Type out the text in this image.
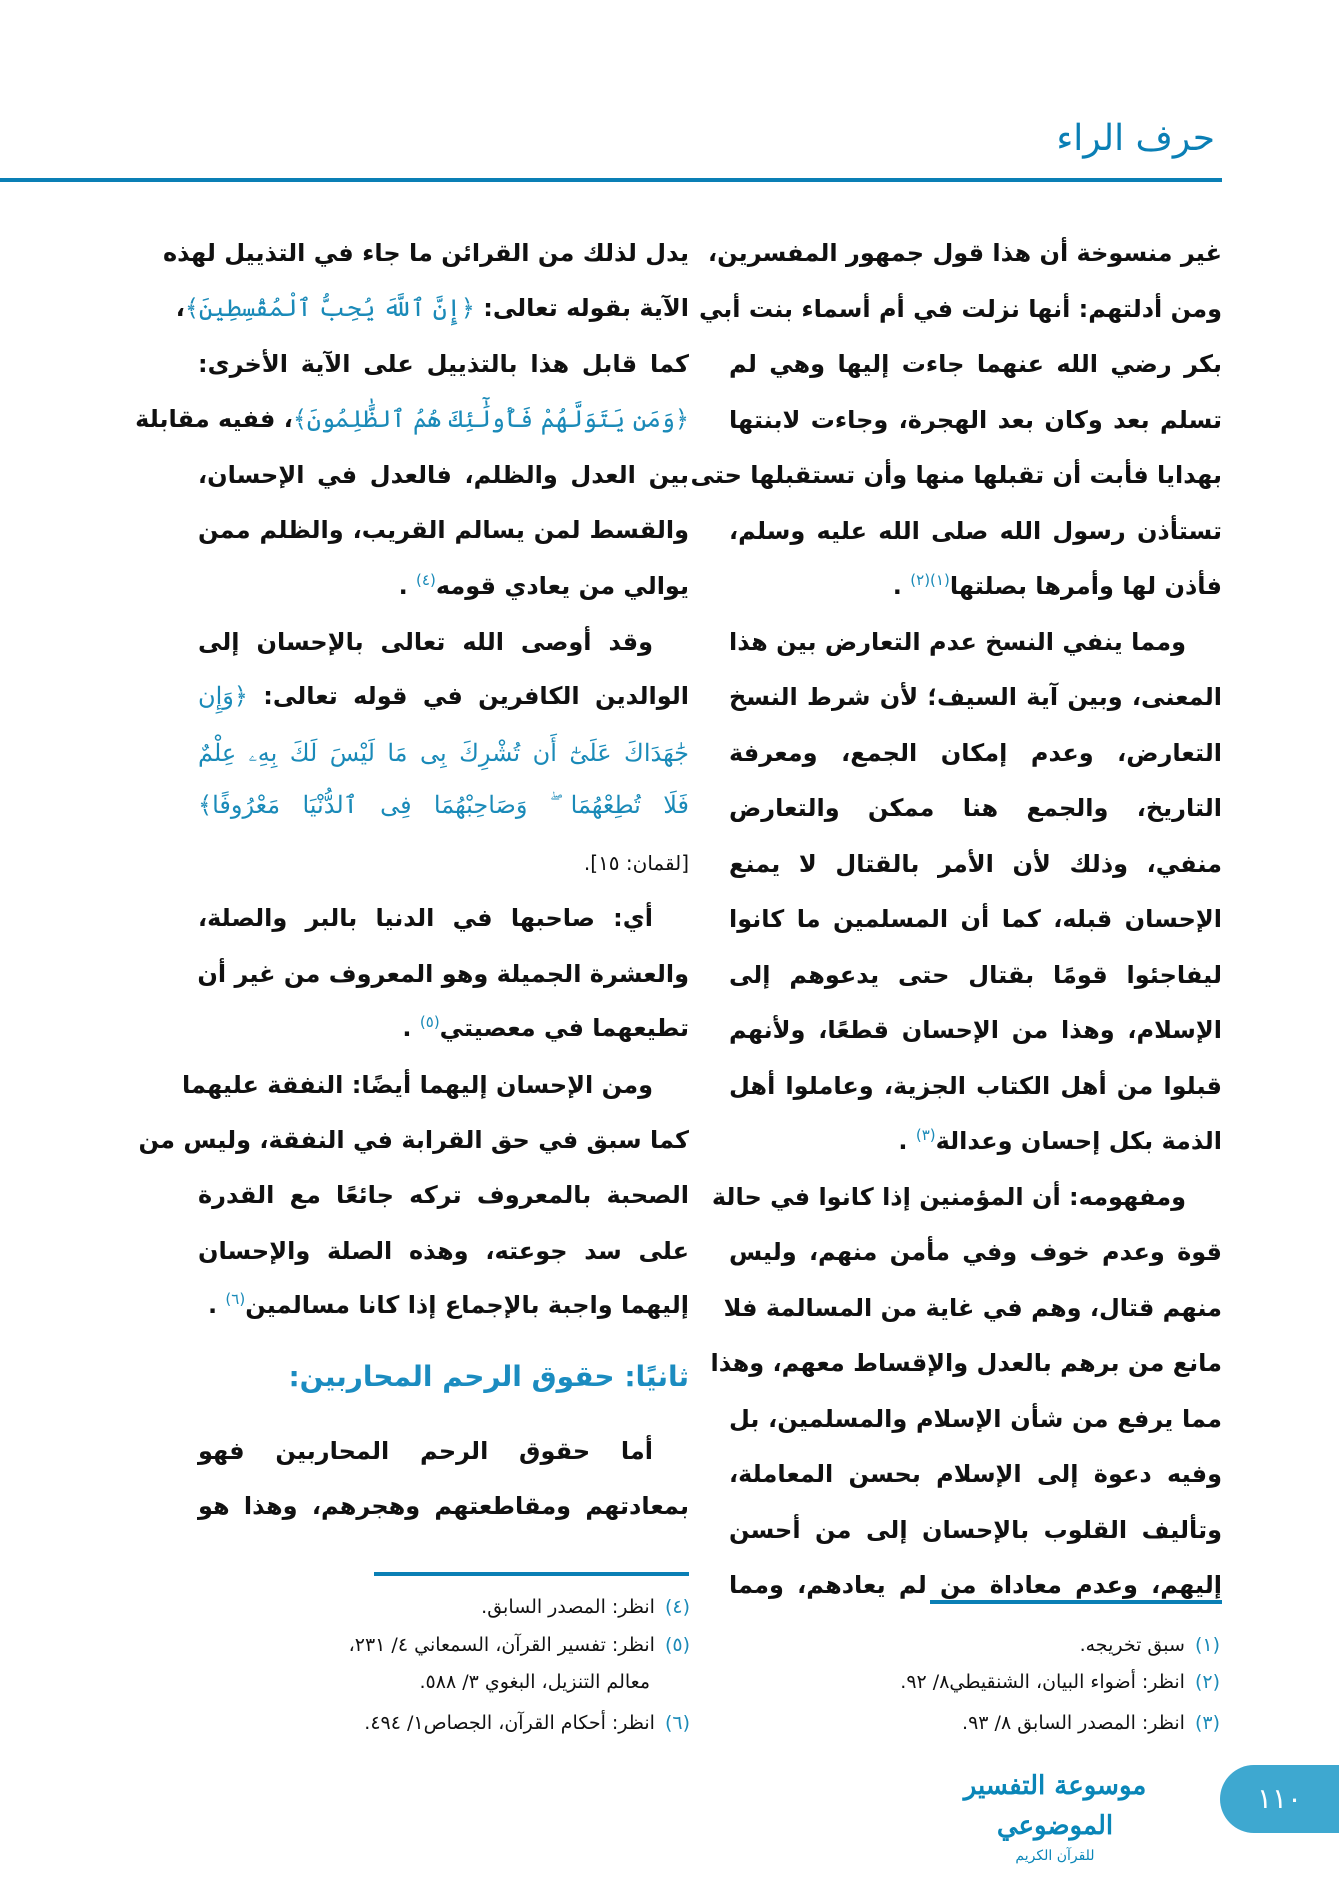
حرف الراء
غير منسوخة أن هذا قول جمهور المفسرين،
ومن أدلتهم: أنها نزلت في أم أسماء بنت أبي
بكر رضي الله عنهما جاءت إليها وهي لم
تسلم بعد وكان بعد الهجرة، وجاءت لابنتها
بهدايا فأبت أن تقبلها منها وأن تستقبلها حتى
تستأذن رسول الله صلى الله عليه وسلم،
فأذن لها وأمرها بصلتها$^{(١)(٢)}$ .
ومما ينفي النسخ عدم التعارض بين هذا
المعنى، وبين آية السيف؛ لأن شرط النسخ
التعارض، وعدم إمكان الجمع، ومعرفة
التاريخ، والجمع هنا ممكن والتعارض
منفي، وذلك لأن الأمر بالقتال لا يمنع
الإحسان قبله، كما أن المسلمين ما كانوا
ليفاجئوا قومًا بقتال حتى يدعوهم إلى
الإسلام، وهذا من الإحسان قطعًا، ولأنهم
قبلوا من أهل الكتاب الجزية، وعاملوا أهل
الذمة بكل إحسان وعدالة$^{(٣)}$ .
ومفهومه: أن المؤمنين إذا كانوا في حالة
قوة وعدم خوف وفي مأمن منهم، وليس
منهم قتال، وهم في غاية من المسالمة فلا
مانع من برهم بالعدل والإقساط معهم، وهذا
مما يرفع من شأن الإسلام والمسلمين، بل
وفيه دعوة إلى الإسلام بحسن المعاملة،
وتأليف القلوب بالإحسان إلى من أحسن
إليهم، وعدم معاداة من لم يعادهم، ومما
يدل لذلك من القرائن ما جاء في التذييل لهذه
الآية بقوله تعالى: ﴿إِنَّ ٱللَّهَ يُحِبُّ ٱلْمُقْسِطِينَ﴾،
كما قابل هذا بالتذييل على الآية الأخرى:
﴿وَمَن يَتَوَلَّهُمْ فَأُولَٰٓئِكَ هُمُ ٱلظَّٰلِمُونَ﴾، ففيه مقابلة
بين العدل والظلم، فالعدل في الإحسان،
والقسط لمن يسالم القريب، والظلم ممن
يوالي من يعادي قومه$^{(٤)}$ .
وقد أوصى الله تعالى بالإحسان إلى
الوالدين الكافرين في قوله تعالى: ﴿وَإِن
جَٰهَدَاكَ عَلَىٰٓ أَن تُشْرِكَ بِى مَا لَيْسَ لَكَ بِهِۦ عِلْمٌ
فَلَا تُطِعْهُمَا ۖ وَصَاحِبْهُمَا فِى ٱلدُّنْيَا مَعْرُوفًا﴾
[لقمان: ١٥].
أي: صاحبها في الدنيا بالبر والصلة،
والعشرة الجميلة وهو المعروف من غير أن
تطيعهما في معصيتي$^{(٥)}$ .
ومن الإحسان إليهما أيضًا: النفقة عليهما
كما سبق في حق القرابة في النفقة، وليس من
الصحبة بالمعروف تركه جائعًا مع القدرة
على سد جوعته، وهذه الصلة والإحسان
إليهما واجبة بالإجماع إذا كانا مسالمين$^{(٦)}$ .
ثانيًا: حقوق الرحم المحاربين:
أما حقوق الرحم المحاربين فهو
بمعادتهم ومقاطعتهم وهجرهم، وهذا هو
(١)سبق تخريجه.
(٢)انظر: أضواء البيان، الشنقيطي٨/ ٩٢.
(٣)انظر: المصدر السابق ٨/ ٩٣.
(٤)انظر: المصدر السابق.
(٥)انظر: تفسير القرآن، السمعاني ٤/ ٢٣١،
معالم التنزيل، البغوي ٣/ ٥٨٨.
(٦)انظر: أحكام القرآن، الجصاص١/ ٤٩٤.
موسوعة التفسير الموضوعي
للقرآن الكريم
١١٠
